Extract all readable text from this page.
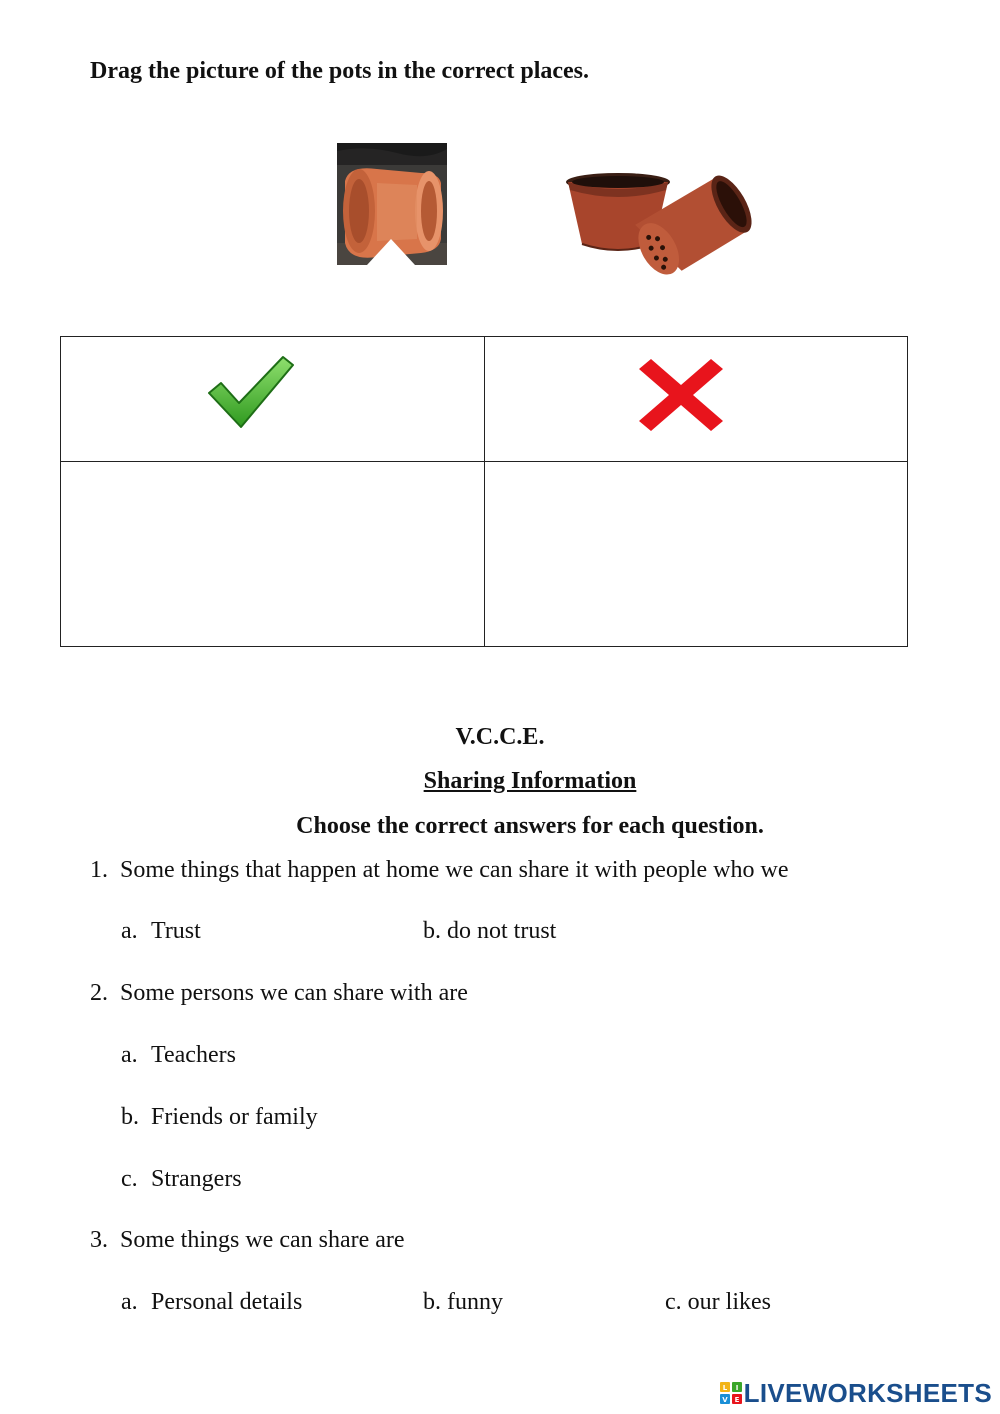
Drag the picture of the pots in the correct places.
V.C.C.E.
Sharing Information
Choose the correct answers for each question.
1. Some things that happen at home we can share it with people who we
a. Trust	b. do not trust
2. Some persons we can share with are
a. Teachers
b. Friends or family
c. Strangers
3. Some things we can share are
a. Personal details	b. funny	c. our likes
L I
V E LIVEWORKSHEETS
